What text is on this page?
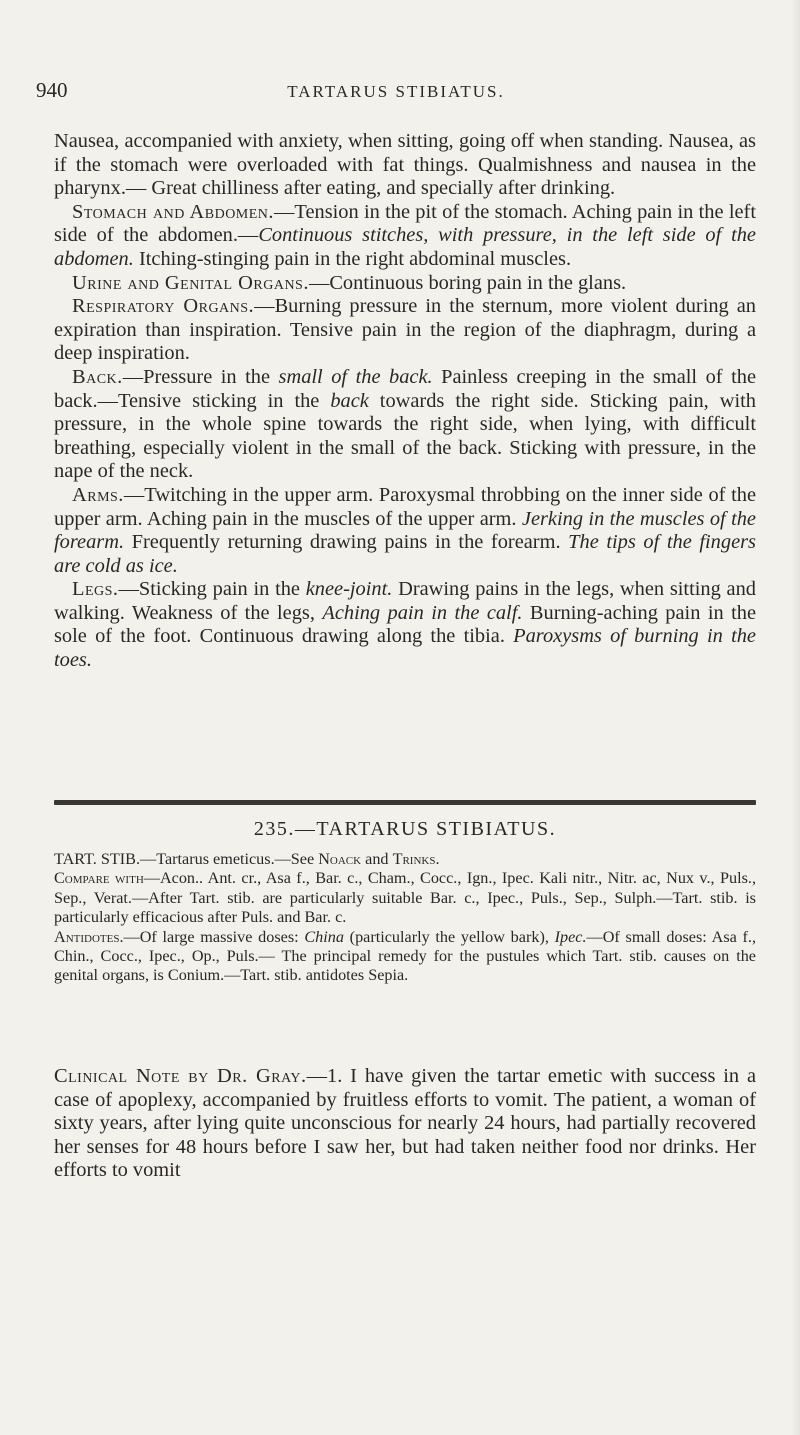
940	TARTARUS STIBIATUS.

Nausea, accompanied with anxiety, when sitting, going off when standing. Nausea, as if the stomach were overloaded with fat things. Qualmishness and nausea in the pharynx.— Great chilliness after eating, and specially after drinking.

Stomach and Abdomen.—Tension in the pit of the stomach. Aching pain in the left side of the abdomen.—Continuous stitches, with pressure, in the left side of the abdomen. Itching-stinging pain in the right abdominal muscles.

Urine and Genital Organs.—Continuous boring pain in the glans.

Respiratory Organs.—Burning pressure in the sternum, more violent during an expiration than inspiration. Tensive pain in the region of the diaphragm, during a deep inspiration.

Back.—Pressure in the small of the back. Painless creeping in the small of the back.—Tensive sticking in the back towards the right side. Sticking pain, with pressure, in the whole spine towards the right side, when lying, with difficult breathing, especially violent in the small of the back. Sticking with pressure, in the nape of the neck.

Arms.—Twitching in the upper arm. Paroxysmal throbbing on the inner side of the upper arm. Aching pain in the muscles of the upper arm. Jerking in the muscles of the forearm. Frequently returning drawing pains in the forearm. The tips of the fingers are cold as ice.

Legs.—Sticking pain in the knee-joint. Drawing pains in the legs, when sitting and walking. Weakness of the legs, Aching pain in the calf. Burning-aching pain in the sole of the foot. Continuous drawing along the tibia. Paroxysms of burning in the toes.

235.—TARTARUS STIBIATUS.

TART. STIB.—Tartarus emeticus.—See Noack and Trinks.

Compare with—Acon.. Ant. cr., Asa f., Bar. c., Cham., Cocc., Ign., Ipec. Kali nitr., Nitr. ac, Nux v., Puls., Sep., Verat.—After Tart. stib. are particularly suitable Bar. c., Ipec., Puls., Sep., Sulph.—Tart. stib. is particularly efficacious after Puls. and Bar. c.

Antidotes.—Of large massive doses: China (particularly the yellow bark), Ipec.—Of small doses: Asa f., Chin., Cocc., Ipec., Op., Puls.— The principal remedy for the pustules which Tart. stib. causes on the genital organs, is Conium.—Tart. stib. antidotes Sepia.

Clinical Note by Dr. Gray.—1. I have given the tartar emetic with success in a case of apoplexy, accompanied by fruitless efforts to vomit. The patient, a woman of sixty years, after lying quite unconscious for nearly 24 hours, had partially recovered her senses for 48 hours before I saw her, but had taken neither food nor drinks. Her efforts to vomit
